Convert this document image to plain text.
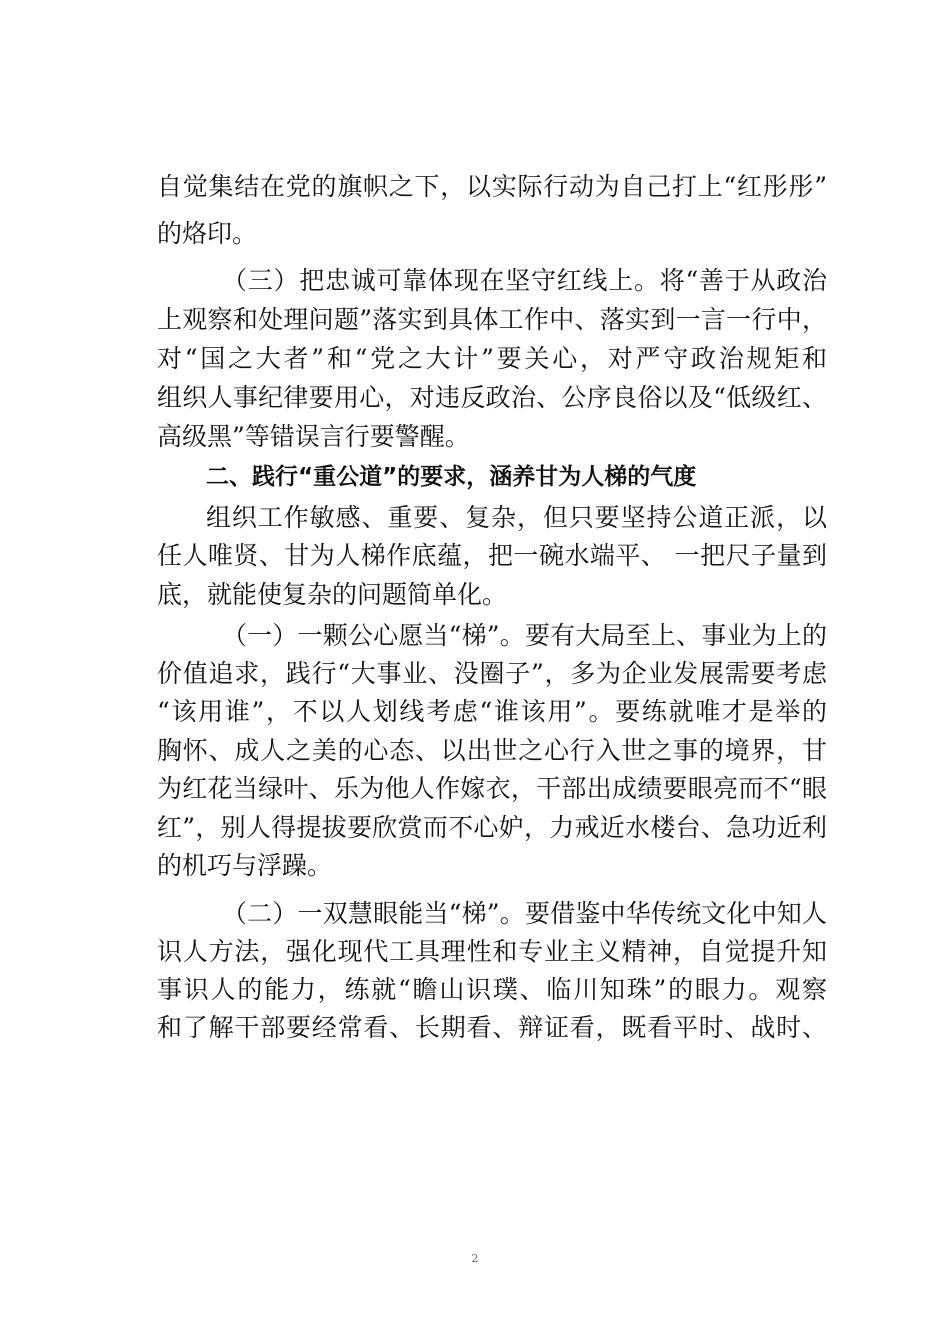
自觉集结在党的旗帜之下，以实际行动为自己打上“红彤彤”
的烙印。
（三）把忠诚可靠体现在坚守红线上。将“善于从政治
上观察和处理问题”落实到具体工作中、落实到一言一行中，
对“国之大者”和“党之大计”要关心，对严守政治规矩和
组织人事纪律要用心，对违反政治、公序良俗以及“低级红、
高级黑”等错误言行要警醒。
二、践行“重公道”的要求，涵养甘为人梯的气度
组织工作敏感、重要、复杂，但只要坚持公道正派，以
任人唯贤、甘为人梯作底蕴，把一碗水端平、 一把尺子量到
底，就能使复杂的问题简单化。
（一）一颗公心愿当“梯”。要有大局至上、事业为上的
价值追求，践行“大事业、没圈子”，多为企业发展需要考虑
“该用谁”，不以人划线考虑“谁该用”。要练就唯才是举的
胸怀、成人之美的心态、以出世之心行入世之事的境界，甘
为红花当绿叶、乐为他人作嫁衣，干部出成绩要眼亮而不“眼
红”，别人得提拔要欣赏而不心妒，力戒近水楼台、急功近利
的机巧与浮躁。
（二）一双慧眼能当“梯”。要借鉴中华传统文化中知人
识人方法，强化现代工具理性和专业主义精神，自觉提升知
事识人的能力，练就“瞻山识璞、临川知珠”的眼力。观察
和了解干部要经常看、长期看、辩证看，既看平时、战时、
2
